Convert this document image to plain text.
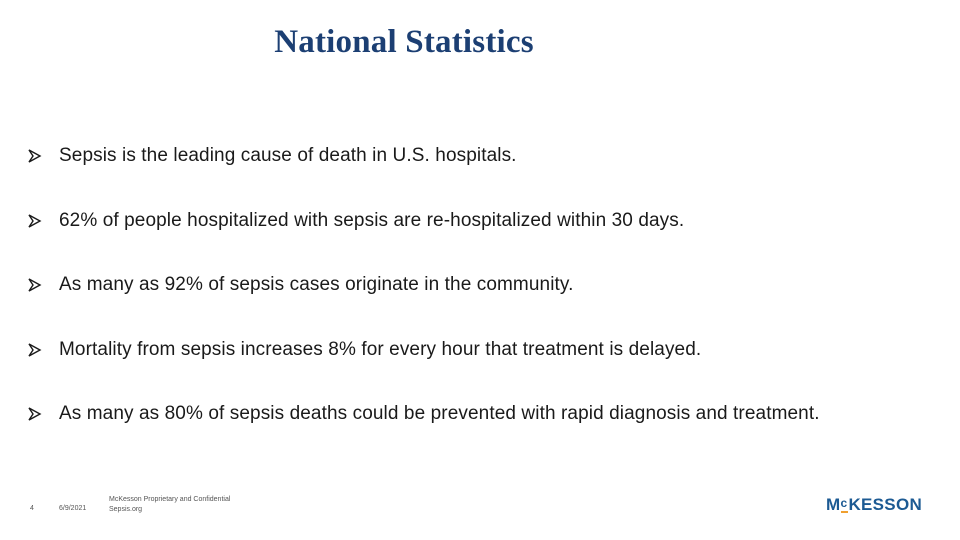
National Statistics
Sepsis is the leading cause of death in U.S. hospitals.
62% of people hospitalized with sepsis are re-hospitalized within 30 days.
As many as 92% of sepsis cases originate in the community.
Mortality from sepsis increases 8% for every hour that treatment is delayed.
As many as 80% of sepsis deaths could be prevented with rapid diagnosis and treatment.
4	6/9/2021
McKesson Proprietary and Confidential
Sepsis.org	M c KESSON
